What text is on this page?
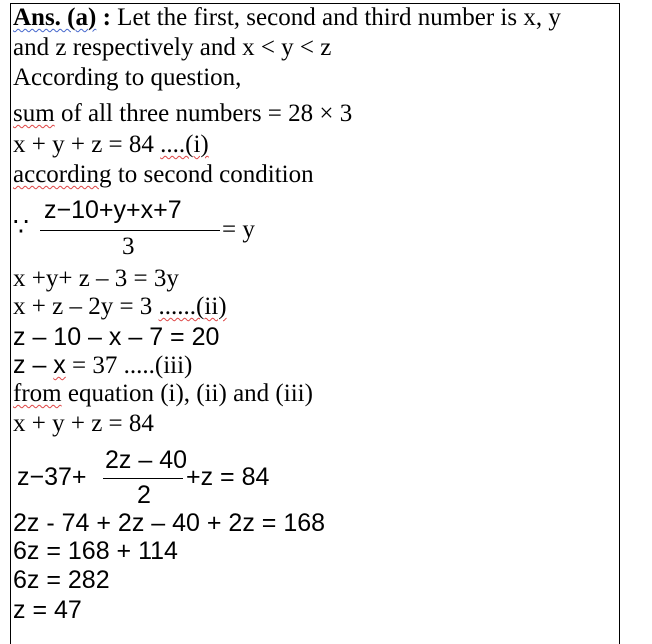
Ans. (a) : Let the first, second and third number is x, y
and z respectively and x < y < z
According to question,
sum of all three numbers = 28 × 3
x + y + z = 84 ....(i)
according to second condition
∵
z−10+y+x+7
3
= y
x +y+ z – 3 = 3y
x + z – 2y = 3 ......(ii)
z – 10 – x – 7 = 20
z – x = 37 .....(iii)
from equation (i), (ii) and (iii)
x + y + z = 84
z−37+
2z – 40
2
+z = 84
2z - 74 + 2z – 40 + 2z = 168
6z = 168 + 114
6z = 282
z = 47
